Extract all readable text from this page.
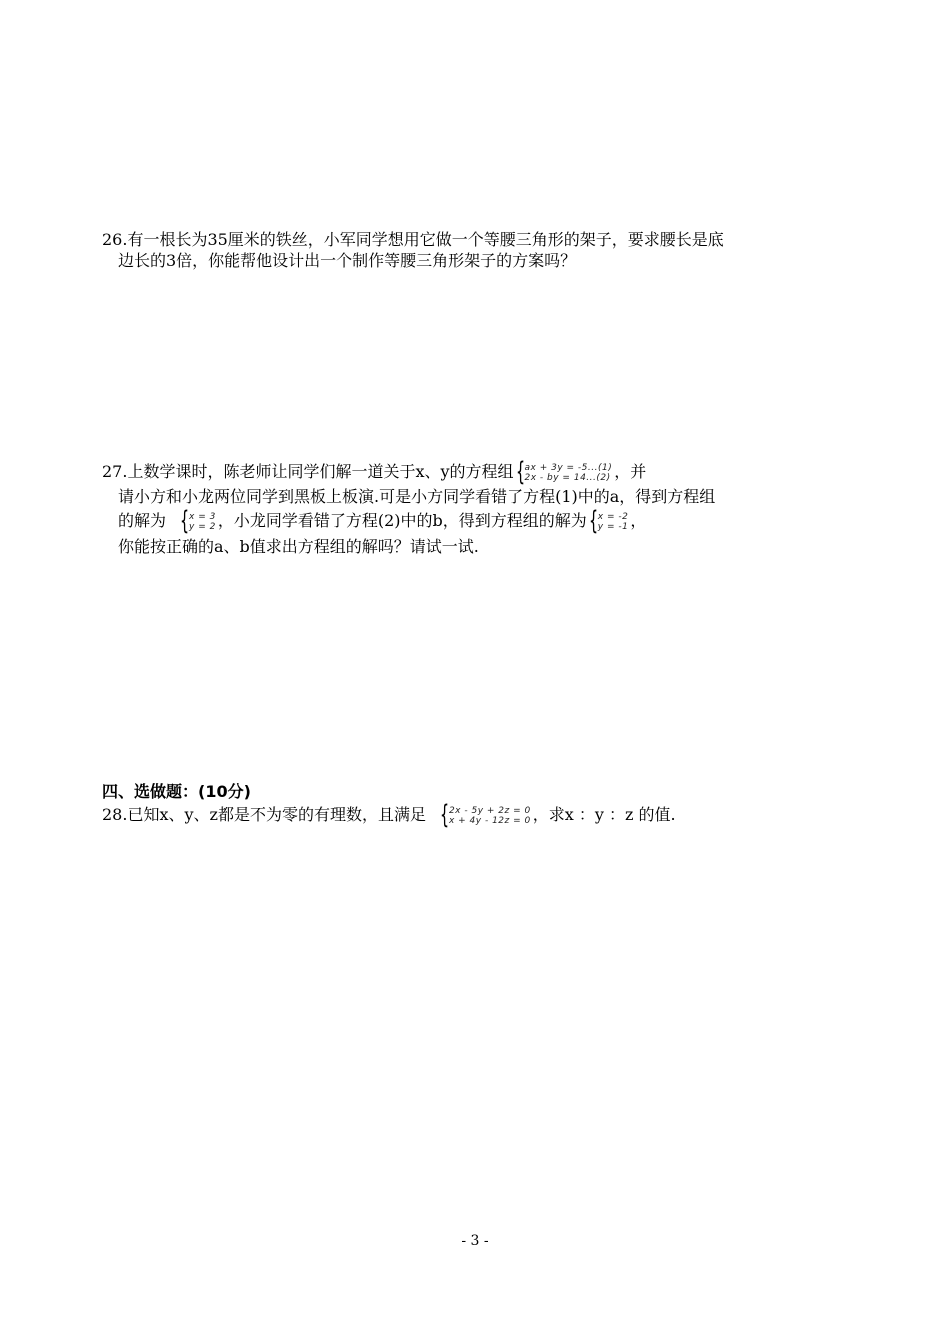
26.有一根长为35厘米的铁丝，小军同学想用它做一个等腰三角形的架子，要求腰长是底
边长的3倍，你能帮他设计出一个制作等腰三角形架子的方案吗？
27.上数学课时，陈老师让同学们解一道关于x、y的方程组 { ax + 3y = -5...(1)
2x - by = 14...(2) ，并
请小方和小龙两位同学到黑板上板演.可是小方同学看错了方程(1)中的a，得到方程组
的解为 { x = 3
y = 2 ，小龙同学看错了方程(2)中的b，得到方程组的解为 { x = -2
y = -1 ，
你能按正确的a、b值求出方程组的解吗？请试一试.
四、选做题：(10分)
28.已知x、y、z都是不为零的有理数，且满足 { 2x - 5y + 2z = 0
x + 4y - 12z = 0 ，求x ：y ：z 的值.
- 3 -
